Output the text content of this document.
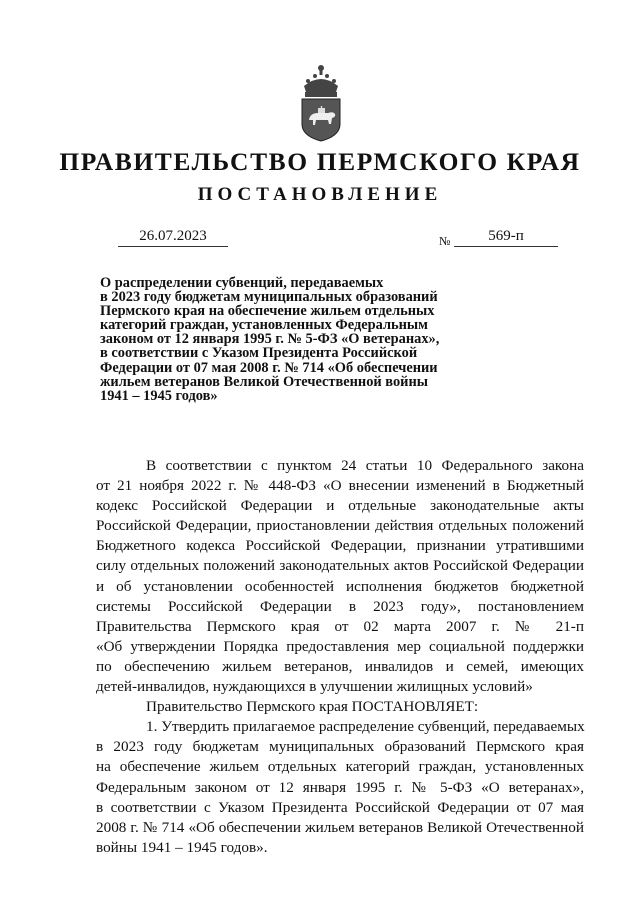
ПРАВИТЕЛЬСТВО ПЕРМСКОГО КРАЯ
ПОСТАНОВЛЕНИЕ
26.07.2023	№	569-п
О распределении субвенций, передаваемых
в 2023 году бюджетам муниципальных образований
Пермского края на обеспечение жильем отдельных
категорий граждан, установленных Федеральным
законом от 12 января 1995 г. № 5-ФЗ «О ветеранах»,
в соответствии с Указом Президента Российской
Федерации от 07 мая 2008 г. № 714 «Об обеспечении
жильем ветеранов Великой Отечественной войны
1941 – 1945 годов»
В соответствии с пунктом 24 статьи 10 Федерального закона
от 21 ноября 2022 г. № 448-ФЗ «О внесении изменений в Бюджетный
кодекс Российской Федерации и отдельные законодательные акты
Российской Федерации, приостановлении действия отдельных положений
Бюджетного кодекса Российской Федерации, признании утратившими
силу отдельных положений законодательных актов Российской Федерации
и об установлении особенностей исполнения бюджетов бюджетной
системы Российской Федерации в 2023 году», постановлением
Правительства Пермского края от 02 марта 2007 г. № 21-п
«Об утверждении Порядка предоставления мер социальной поддержки
по обеспечению жильем ветеранов, инвалидов и семей, имеющих
детей-инвалидов, нуждающихся в улучшении жилищных условий»
Правительство Пермского края ПОСТАНОВЛЯЕТ:
1. Утвердить прилагаемое распределение субвенций, передаваемых
в 2023 году бюджетам муниципальных образований Пермского края
на обеспечение жильем отдельных категорий граждан, установленных
Федеральным законом от 12 января 1995 г. № 5-ФЗ «О ветеранах»,
в соответствии с Указом Президента Российской Федерации от 07 мая
2008 г. № 714 «Об обеспечении жильем ветеранов Великой Отечественной
войны 1941 – 1945 годов».
